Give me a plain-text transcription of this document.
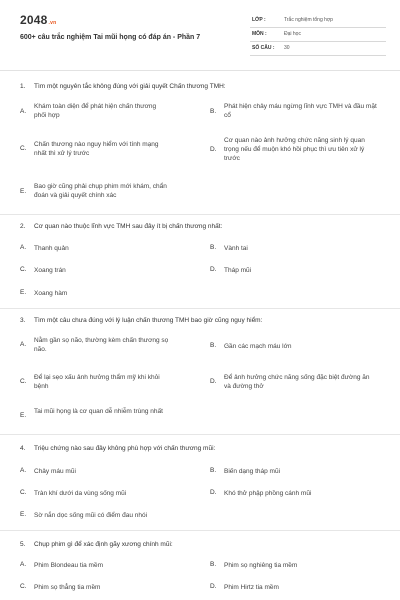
2048.vn
600+ câu trắc nghiệm Tai mũi họng có đáp án - Phần 7
LỚP :	Trắc nghiệm tổng hợp
MÔN :	Đại học
SỐ CÂU : 30
1. Tìm một nguyên tắc không đúng với giải quyết Chấn thương TMH:
A.
Khám toàn diện để phát hiện chấn thương phối hợp
B.
Phát hiện chảy máu ngừng lĩnh vực TMH và đầu mặt cổ
C.
Chấn thương nào nguy hiểm với tính mạng nhất thì xử lý trước
D.
Cơ quan nào ảnh hưởng chức năng sinh lý quan trọng nếu để muộn khó hồi phục thì ưu tiên xử lý trước
E.
Bao giờ cũng phải chụp phim mới khám, chẩn đoán và giải quyết chính xác
2. Cơ quan nào thuộc lĩnh vực TMH sau đây ít bị chấn thương nhất:
A. Thanh quản	B. Vành tai
C. Xoang trán	D. Tháp mũi
E. Xoang hàm
3. Tìm một câu chưa đúng với lý luận chấn thương TMH bao giờ cũng nguy hiểm:
A.
Nằm gần sọ não, thường kèm chấn thương sọ não.
B. Gần các mạch máu lớn
C.
Để lại sẹo xấu ảnh hưởng thẩm mỹ khi khỏi bệnh
D.
Để ảnh hưởng chức năng sống đặc biệt đường ăn và đường thở
E.
Tai mũi họng là cơ quan dễ nhiễm trùng nhất
4. Triệu chứng nào sau đây không phù hợp với chấn thương mũi:
A. Chảy máu mũi	B. Biến dạng tháp mũi
C. Tràn khí dưới da vùng sống mũi	D. Khó thở phập phồng cánh mũi
E. Sờ nắn dọc sống mũi có điểm đau nhói
5. Chụp phim gì để xác định gãy xương chính mũi:
A. Phim Blondeau tia mềm	B. Phim sọ nghiêng tia mềm
C. Phim sọ thẳng tia mềm	D. Phim Hirtz tia mềm
